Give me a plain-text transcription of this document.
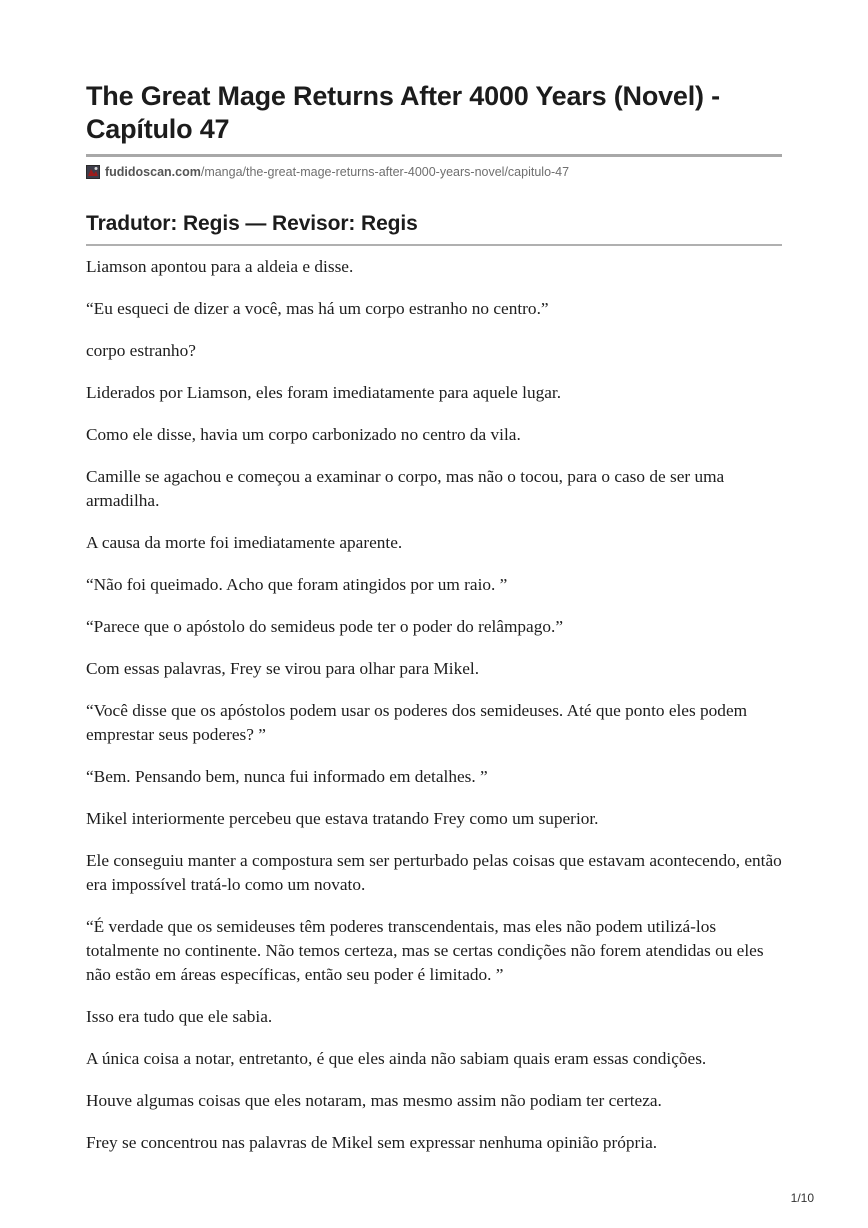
The Great Mage Returns After 4000 Years (Novel) - Capítulo 47
fudidoscan.com /manga/the-great-mage-returns-after-4000-years-novel/capitulo-47
Tradutor: Regis — Revisor: Regis

Liamson apontou para a aldeia e disse.

“Eu esqueci de dizer a você, mas há um corpo estranho no centro.”

corpo estranho?

Liderados por Liamson, eles foram imediatamente para aquele lugar.

Como ele disse, havia um corpo carbonizado no centro da vila.

Camille se agachou e começou a examinar o corpo, mas não o tocou, para o caso de ser uma armadilha.

A causa da morte foi imediatamente aparente.

“Não foi queimado. Acho que foram atingidos por um raio. ”

“Parece que o apóstolo do semideus pode ter o poder do relâmpago.”

Com essas palavras, Frey se virou para olhar para Mikel.

“Você disse que os apóstolos podem usar os poderes dos semideuses. Até que ponto eles podem emprestar seus poderes? ”

“Bem. Pensando bem, nunca fui informado em detalhes. ”

Mikel interiormente percebeu que estava tratando Frey como um superior.

Ele conseguiu manter a compostura sem ser perturbado pelas coisas que estavam acontecendo, então era impossível tratá-lo como um novato.

“É verdade que os semideuses têm poderes transcendentais, mas eles não podem utilizá-los totalmente no continente. Não temos certeza, mas se certas condições não forem atendidas ou eles não estão em áreas específicas, então seu poder é limitado. ”

Isso era tudo que ele sabia.

A única coisa a notar, entretanto, é que eles ainda não sabiam quais eram essas condições.

Houve algumas coisas que eles notaram, mas mesmo assim não podiam ter certeza.

Frey se concentrou nas palavras de Mikel sem expressar nenhuma opinião própria.

1/10
